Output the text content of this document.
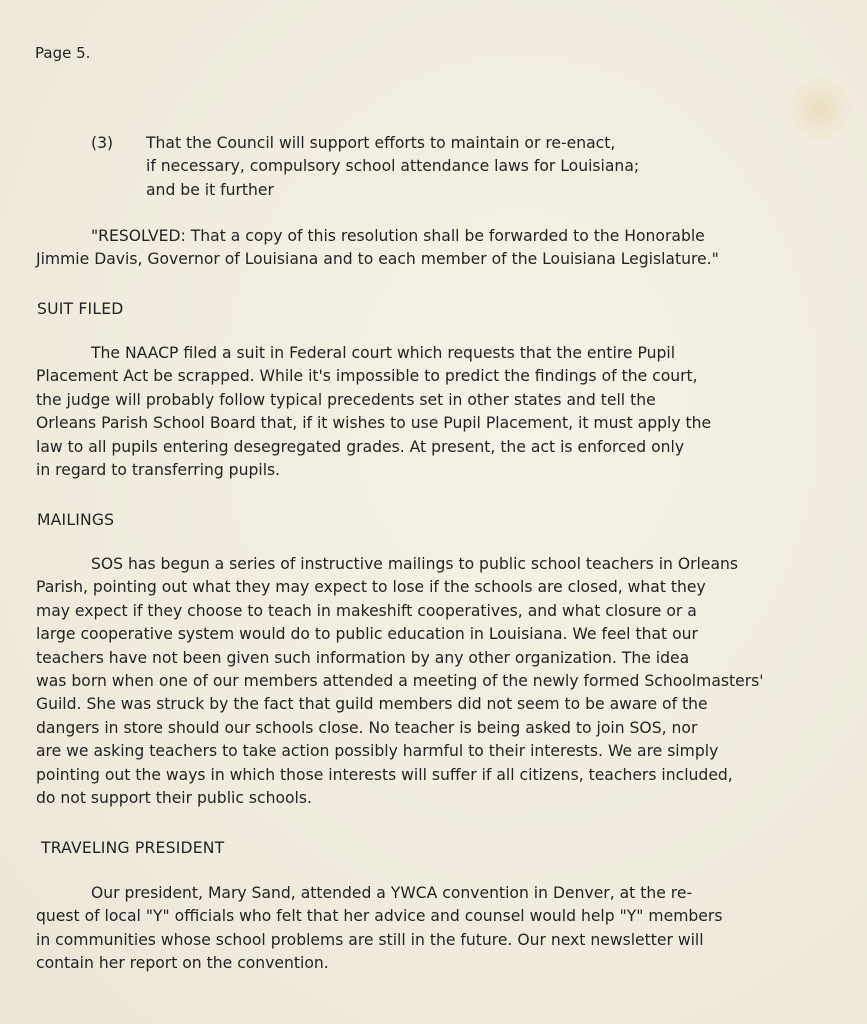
Page 5.
(3) That the Council will support efforts to maintain or re-enact,
if necessary, compulsory school attendance laws for Louisiana;
and be it further
"RESOLVED: That a copy of this resolution shall be forwarded to the Honorable
Jimmie Davis, Governor of Louisiana and to each member of the Louisiana Legislature."
SUIT FILED
The NAACP filed a suit in Federal court which requests that the entire Pupil
Placement Act be scrapped. While it's impossible to predict the findings of the court,
the judge will probably follow typical precedents set in other states and tell the
Orleans Parish School Board that, if it wishes to use Pupil Placement, it must apply the
law to all pupils entering desegregated grades. At present, the act is enforced only
in regard to transferring pupils.
MAILINGS
SOS has begun a series of instructive mailings to public school teachers in Orleans
Parish, pointing out what they may expect to lose if the schools are closed, what they
may expect if they choose to teach in makeshift cooperatives, and what closure or a
large cooperative system would do to public education in Louisiana. We feel that our
teachers have not been given such information by any other organization. The idea
was born when one of our members attended a meeting of the newly formed Schoolmasters'
Guild. She was struck by the fact that guild members did not seem to be aware of the
dangers in store should our schools close. No teacher is being asked to join SOS, nor
are we asking teachers to take action possibly harmful to their interests. We are simply
pointing out the ways in which those interests will suffer if all citizens, teachers included,
do not support their public schools.
TRAVELING PRESIDENT
Our president, Mary Sand, attended a YWCA convention in Denver, at the re-
quest of local "Y" officials who felt that her advice and counsel would help "Y" members
in communities whose school problems are still in the future. Our next newsletter will
contain her report on the convention.
